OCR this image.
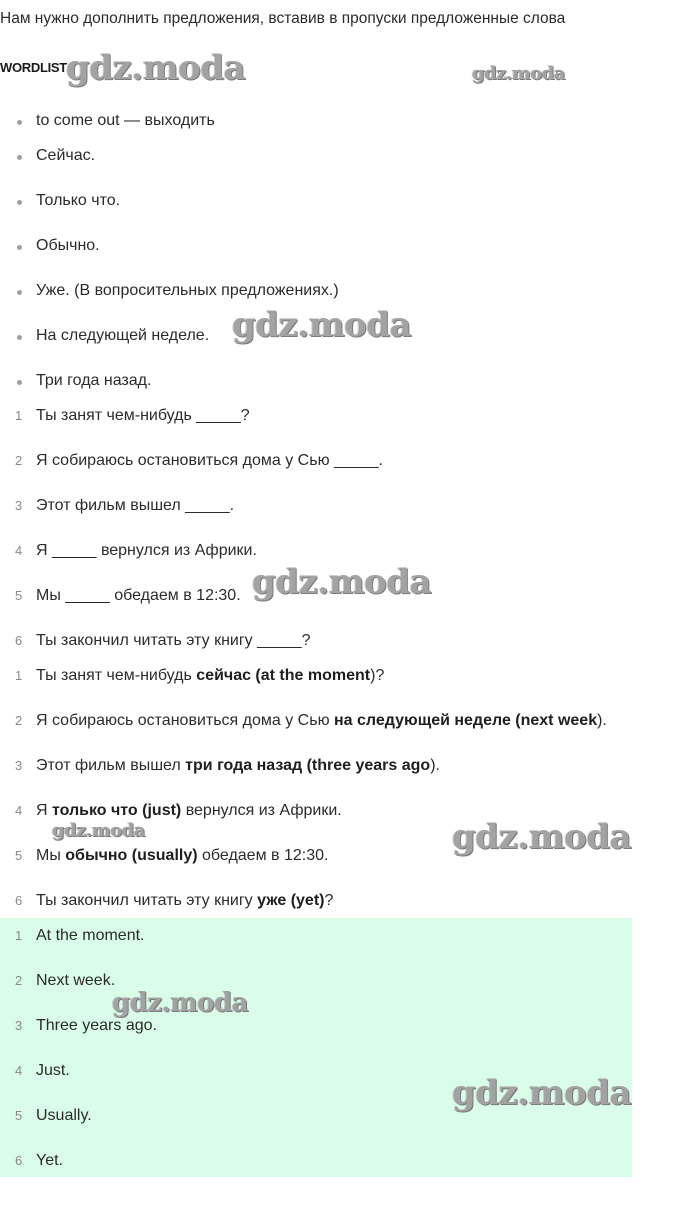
Нам нужно дополнить предложения, вставив в пропуски предложенные слова
WORDLIST
to come out — выходить
Сейчас.
Только что.
Обычно.
Уже. (В вопросительных предложениях.)
На следующей неделе.
Три года назад.
1 Ты занят чем-нибудь _____?
2 Я собираюсь остановиться дома у Сью _____.
3 Этот фильм вышел _____.
4 Я _____ вернулся из Африки.
5 Мы _____ обедаем в 12:30.
6 Ты закончил читать эту книгу _____?
1 Ты занят чем-нибудь сейчас (at the moment)?
2 Я собираюсь остановиться дома у Сью на следующей неделе (next week).
3 Этот фильм вышел три года назад (three years ago).
4 Я только что (just) вернулся из Африки.
5 Мы обычно (usually) обедаем в 12:30.
6 Ты закончил читать эту книгу уже (yet)?
1 At the moment.
2 Next week.
3 Three years ago.
4 Just.
5 Usually.
6 Yet.
gdz.moda	gdz.moda
gdz.moda
gdz.moda
gdz.moda	gdz.moda
gdz.moda
gdz.moda
